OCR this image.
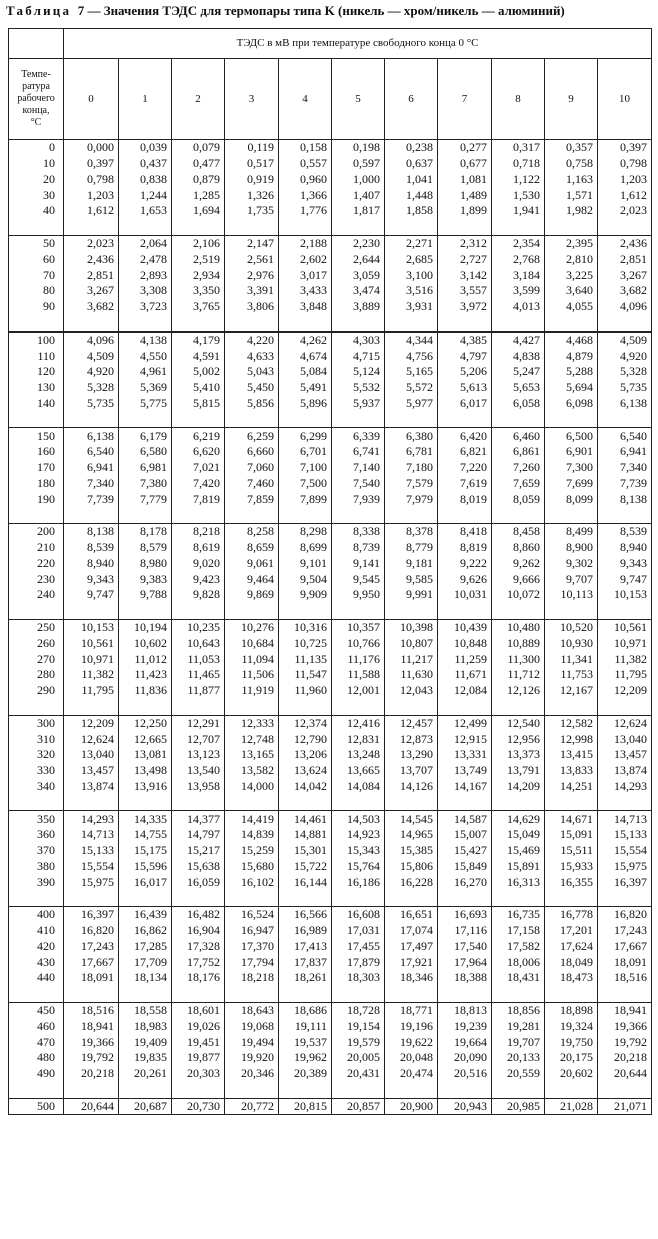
Таблица 7 — Значения ТЭДС для термопары типа K (никель — хром/никель — алюминий)
	ТЭДС в мВ при температуре свободного конца 0 °С										

Темпе-
ратура
рабочего
конца,
°С	0	1	2	3	4	5	6	7	8	9	10
0	0,000	0,039	0,079	0,119	0,158	0,198	0,238	0,277	0,317	0,357	0,397
10	0,397	0,437	0,477	0,517	0,557	0,597	0,637	0,677	0,718	0,758	0,798
20	0,798	0,838	0,879	0,919	0,960	1,000	1,041	1,081	1,122	1,163	1,203
30	1,203	1,244	1,285	1,326	1,366	1,407	1,448	1,489	1,530	1,571	1,612
40	1,612	1,653	1,694	1,735	1,776	1,817	1,858	1,899	1,941	1,982	2,023

50	2,023	2,064	2,106	2,147	2,188	2,230	2,271	2,312	2,354	2,395	2,436
60	2,436	2,478	2,519	2,561	2,602	2,644	2,685	2,727	2,768	2,810	2,851
70	2,851	2,893	2,934	2,976	3,017	3,059	3,100	3,142	3,184	3,225	3,267
80	3,267	3,308	3,350	3,391	3,433	3,474	3,516	3,557	3,599	3,640	3,682
90	3,682	3,723	3,765	3,806	3,848	3,889	3,931	3,972	4,013	4,055	4,096

100	4,096	4,138	4,179	4,220	4,262	4,303	4,344	4,385	4,427	4,468	4,509
110	4,509	4,550	4,591	4,633	4,674	4,715	4,756	4,797	4,838	4,879	4,920
120	4,920	4,961	5,002	5,043	5,084	5,124	5,165	5,206	5,247	5,288	5,328
130	5,328	5,369	5,410	5,450	5,491	5,532	5,572	5,613	5,653	5,694	5,735
140	5,735	5,775	5,815	5,856	5,896	5,937	5,977	6,017	6,058	6,098	6,138

150	6,138	6,179	6,219	6,259	6,299	6,339	6,380	6,420	6,460	6,500	6,540
160	6,540	6,580	6,620	6,660	6,701	6,741	6,781	6,821	6,861	6,901	6,941
170	6,941	6,981	7,021	7,060	7,100	7,140	7,180	7,220	7,260	7,300	7,340
180	7,340	7,380	7,420	7,460	7,500	7,540	7,579	7,619	7,659	7,699	7,739
190	7,739	7,779	7,819	7,859	7,899	7,939	7,979	8,019	8,059	8,099	8,138

200	8,138	8,178	8,218	8,258	8,298	8,338	8,378	8,418	8,458	8,499	8,539
210	8,539	8,579	8,619	8,659	8,699	8,739	8,779	8,819	8,860	8,900	8,940
220	8,940	8,980	9,020	9,061	9,101	9,141	9,181	9,222	9,262	9,302	9,343
230	9,343	9,383	9,423	9,464	9,504	9,545	9,585	9,626	9,666	9,707	9,747
240	9,747	9,788	9,828	9,869	9,909	9,950	9,991	10,031	10,072	10,113	10,153

250	10,153	10,194	10,235	10,276	10,316	10,357	10,398	10,439	10,480	10,520	10,561
260	10,561	10,602	10,643	10,684	10,725	10,766	10,807	10,848	10,889	10,930	10,971
270	10,971	11,012	11,053	11,094	11,135	11,176	11,217	11,259	11,300	11,341	11,382
280	11,382	11,423	11,465	11,506	11,547	11,588	11,630	11,671	11,712	11,753	11,795
290	11,795	11,836	11,877	11,919	11,960	12,001	12,043	12,084	12,126	12,167	12,209

300	12,209	12,250	12,291	12,333	12,374	12,416	12,457	12,499	12,540	12,582	12,624
310	12,624	12,665	12,707	12,748	12,790	12,831	12,873	12,915	12,956	12,998	13,040
320	13,040	13,081	13,123	13,165	13,206	13,248	13,290	13,331	13,373	13,415	13,457
330	13,457	13,498	13,540	13,582	13,624	13,665	13,707	13,749	13,791	13,833	13,874
340	13,874	13,916	13,958	14,000	14,042	14,084	14,126	14,167	14,209	14,251	14,293

350	14,293	14,335	14,377	14,419	14,461	14,503	14,545	14,587	14,629	14,671	14,713
360	14,713	14,755	14,797	14,839	14,881	14,923	14,965	15,007	15,049	15,091	15,133
370	15,133	15,175	15,217	15,259	15,301	15,343	15,385	15,427	15,469	15,511	15,554
380	15,554	15,596	15,638	15,680	15,722	15,764	15,806	15,849	15,891	15,933	15,975
390	15,975	16,017	16,059	16,102	16,144	16,186	16,228	16,270	16,313	16,355	16,397

400	16,397	16,439	16,482	16,524	16,566	16,608	16,651	16,693	16,735	16,778	16,820
410	16,820	16,862	16,904	16,947	16,989	17,031	17,074	17,116	17,158	17,201	17,243
420	17,243	17,285	17,328	17,370	17,413	17,455	17,497	17,540	17,582	17,624	17,667
430	17,667	17,709	17,752	17,794	17,837	17,879	17,921	17,964	18,006	18,049	18,091
440	18,091	18,134	18,176	18,218	18,261	18,303	18,346	18,388	18,431	18,473	18,516

450	18,516	18,558	18,601	18,643	18,686	18,728	18,771	18,813	18,856	18,898	18,941
460	18,941	18,983	19,026	19,068	19,111	19,154	19,196	19,239	19,281	19,324	19,366
470	19,366	19,409	19,451	19,494	19,537	19,579	19,622	19,664	19,707	19,750	19,792
480	19,792	19,835	19,877	19,920	19,962	20,005	20,048	20,090	20,133	20,175	20,218
490	20,218	20,261	20,303	20,346	20,389	20,431	20,474	20,516	20,559	20,602	20,644

500	20,644	20,687	20,730	20,772	20,815	20,857	20,900	20,943	20,985	21,028	21,071
